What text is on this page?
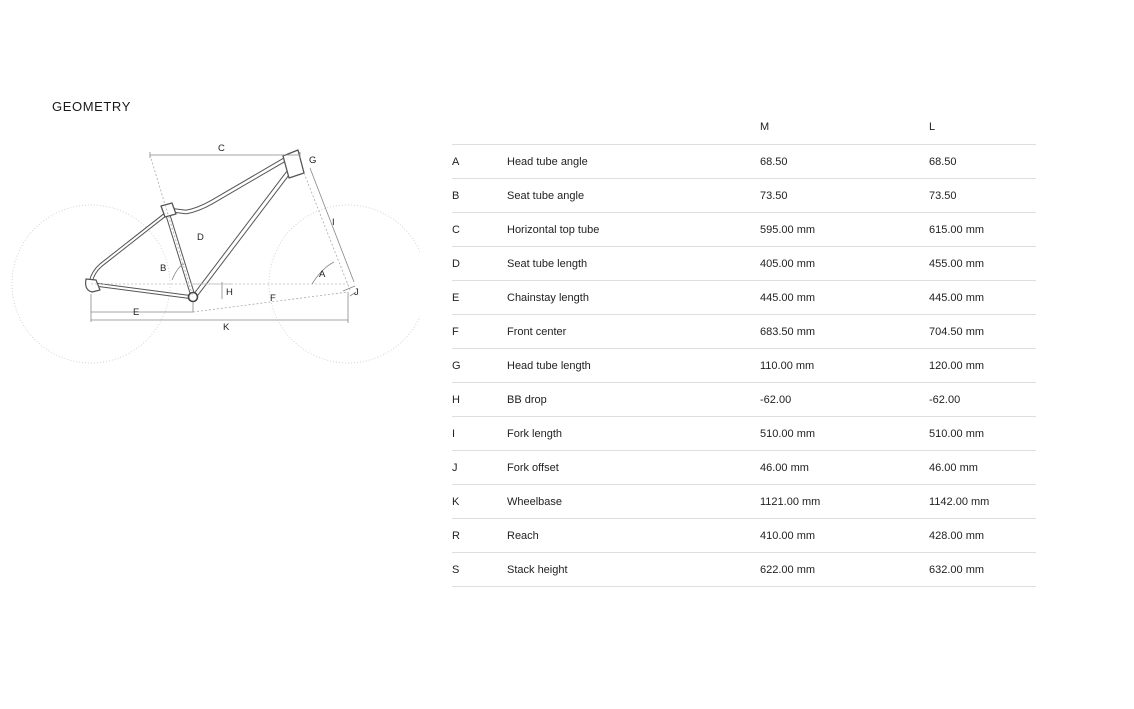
GEOMETRY
C
G
I
D
B
A
H	J
F
E
K
		M	L
A	Head tube angle	68.50	68.50
B	Seat tube angle	73.50	73.50
C	Horizontal top tube	595.00 mm	615.00 mm
D	Seat tube length	405.00 mm	455.00 mm
E	Chainstay length	445.00 mm	445.00 mm
F	Front center	683.50 mm	704.50 mm
G	Head tube length	110.00 mm	120.00 mm
H	BB drop	-62.00	-62.00
I	Fork length	510.00 mm	510.00 mm
J	Fork offset	46.00 mm	46.00 mm
K	Wheelbase	1121.00 mm	1142.00 mm
R	Reach	410.00 mm	428.00 mm
S	Stack height	622.00 mm	632.00 mm
